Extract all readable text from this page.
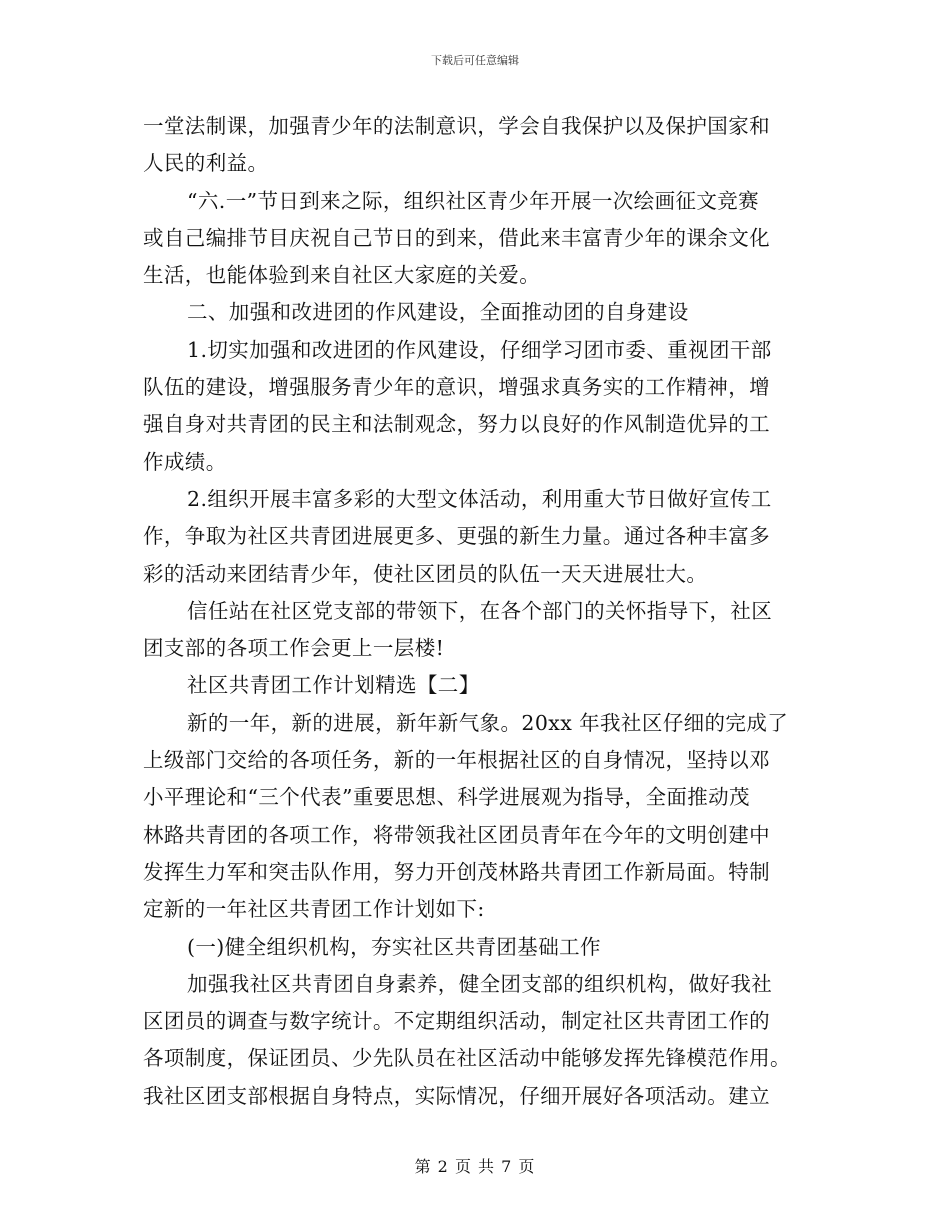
下载后可任意编辑
一堂法制课，加强青少年的法制意识，学会自我保护以及保护国家和
人民的利益。
“六.一”节日到来之际，组织社区青少年开展一次绘画征文竞赛
或自己编排节目庆祝自己节日的到来，借此来丰富青少年的课余文化
生活，也能体验到来自社区大家庭的关爱。
二、加强和改进团的作风建设，全面推动团的自身建设
1.切实加强和改进团的作风建设，仔细学习团市委、重视团干部
队伍的建设，增强服务青少年的意识，增强求真务实的工作精神，增
强自身对共青团的民主和法制观念，努力以良好的作风制造优异的工
作成绩。
2.组织开展丰富多彩的大型文体活动，利用重大节日做好宣传工
作，争取为社区共青团进展更多、更强的新生力量。通过各种丰富多
彩的活动来团结青少年，使社区团员的队伍一天天进展壮大。
信任站在社区党支部的带领下，在各个部门的关怀指导下，社区
团支部的各项工作会更上一层楼!
社区共青团工作计划精选【二】
新的一年，新的进展，新年新气象。20xx 年我社区仔细的完成了
上级部门交给的各项任务，新的一年根据社区的自身情况，坚持以邓
小平理论和“三个代表”重要思想、科学进展观为指导，全面推动茂
林路共青团的各项工作，将带领我社区团员青年在今年的文明创建中
发挥生力军和突击队作用，努力开创茂林路共青团工作新局面。特制
定新的一年社区共青团工作计划如下:
(一)健全组织机构，夯实社区共青团基础工作
加强我社区共青团自身素养，健全团支部的组织机构，做好我社
区团员的调查与数字统计。不定期组织活动，制定社区共青团工作的
各项制度，保证团员、少先队员在社区活动中能够发挥先锋模范作用。
我社区团支部根据自身特点，实际情况，仔细开展好各项活动。建立
第 2 页 共 7 页
